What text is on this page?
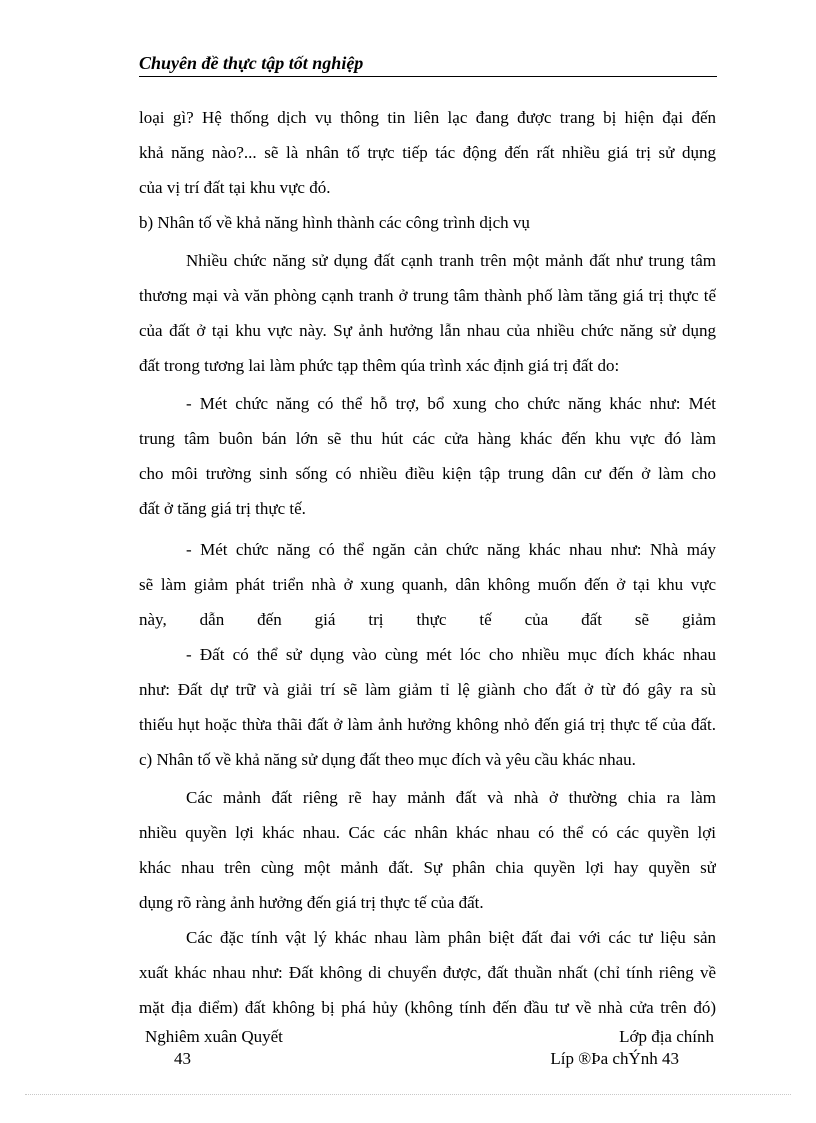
Chuyên đề thực tập tốt nghiệp
loại gì? Hệ thống dịch vụ thông tin liên lạc đang được trang bị hiện đại đến
khả năng nào?... sẽ là nhân tố trực tiếp tác động đến rất nhiều giá trị sử dụng
của vị trí đất tại khu vực đó.
b) Nhân tố về khả năng hình thành các công trình dịch vụ
Nhiều chức năng sử dụng đất cạnh tranh trên một mảnh đất như trung tâm
thương mại và văn phòng cạnh tranh ở trung tâm thành phố làm tăng giá trị thực tế
của đất ở tại khu vực này. Sự ảnh hưởng lẫn nhau của nhiều chức năng sử dụng
đất trong tương lai làm phức tạp thêm qúa trình xác định giá trị đất do:
- Mét chức năng có thể hỗ trợ, bổ xung cho chức năng khác như: Mét
trung tâm buôn bán lớn sẽ thu hút các cửa hàng khác đến khu vực đó làm
cho môi trường sinh sống có nhiều điều kiện tập trung dân cư đến ở làm cho
đất ở tăng giá trị thực tế.
- Mét chức năng có thể ngăn cản chức năng khác nhau như: Nhà máy
sẽ làm giảm phát triển nhà ở xung quanh, dân không muốn đến ở tại khu vực
này, dẫn đến giá trị thực tế của đất sẽ giảm
- Đất có thể sử dụng vào cùng mét lóc cho nhiều mục đích khác nhau
như: Đất dự trữ và giải trí sẽ làm giảm tỉ lệ giành cho đất ở từ đó gây ra sù
thiếu hụt hoặc thừa thãi đất ở làm ảnh hưởng không nhỏ đến giá trị thực tế của đất.
c) Nhân tố về khả năng sử dụng đất theo mục đích và yêu cầu khác nhau.
Các mảnh đất riêng rẽ hay mảnh đất và nhà ở thường chia ra làm
nhiều quyền lợi khác nhau. Các các nhân khác nhau có thể có các quyền lợi
khác nhau trên cùng một mảnh đất. Sự phân chia quyền lợi hay quyền sử
dụng rõ ràng ảnh hưởng đến giá trị thực tế của đất.
Các đặc tính vật lý khác nhau làm phân biệt đất đai với các tư liệu sản
xuất khác nhau như: Đất không di chuyển được, đất thuần nhất (chỉ tính riêng về
mặt địa điểm) đất không bị phá hủy (không tính đến đầu tư về nhà cửa trên đó)
Nghiêm xuân Quyết	Lớp địa chính
43	Líp ®Þa chÝnh 43
